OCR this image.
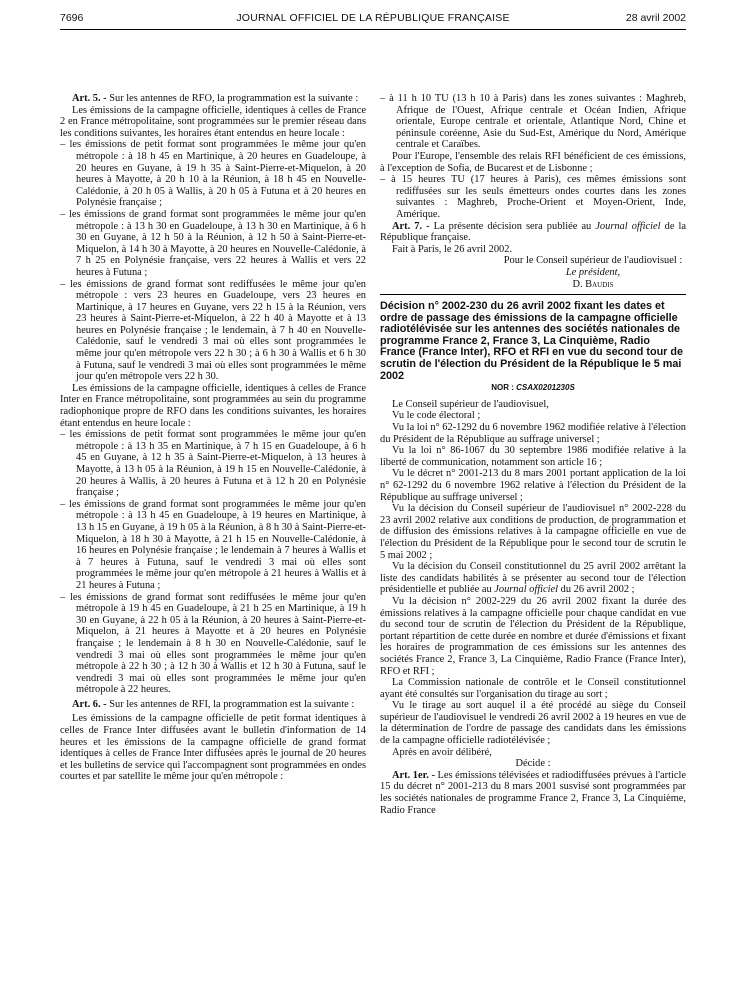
7696	JOURNAL OFFICIEL DE LA RÉPUBLIQUE FRANÇAISE	28 avril 2002

Art. 5. - Sur les antennes de RFO, la programmation est la suivante :

Les émissions de la campagne officielle, identiques à celles de France 2 en France métropolitaine, sont programmées sur le premier réseau dans les conditions suivantes, les horaires étant entendus en heure locale :

– les émissions de petit format sont programmées le même jour qu'en métropole : à 18 h 45 en Martinique, à 20 heures en Guadeloupe, à 20 heures en Guyane, à 19 h 35 à Saint-Pierre-et-Miquelon, à 20 heures à Mayotte, à 20 h 10 à la Réunion, à 18 h 45 en Nouvelle-Calédonie, à 20 h 05 à Wallis, à 20 h 05 à Futuna et à 20 heures en Polynésie française ;

– les émissions de grand format sont programmées le même jour qu'en métropole : à 13 h 30 en Guadeloupe, à 13 h 30 en Martinique, à 6 h 30 en Guyane, à 12 h 50 à la Réunion, à 12 h 50 à Saint-Pierre-et-Miquelon, à 14 h 30 à Mayotte, à 20 heures en Nouvelle-Calédonie, à 7 h 25 en Polynésie française, vers 22 heures à Wallis et vers 22 heures à Futuna ;

– les émissions de grand format sont rediffusées le même jour qu'en métropole : vers 23 heures en Guadeloupe, vers 23 heures en Martinique, à 17 heures en Guyane, vers 22 h 15 à la Réunion, vers 23 heures à Saint-Pierre-et-Miquelon, à 22 h 40 à Mayotte et à 13 heures en Polynésie française ; le lendemain, à 7 h 40 en Nouvelle-Calédonie, sauf le vendredi 3 mai où elles sont programmées le même jour qu'en métropole vers 22 h 30 ; à 6 h 30 à Wallis et 6 h 30 à Futuna, sauf le vendredi 3 mai où elles sont programmées le même jour qu'en métropole vers 22 h 30.

Les émissions de la campagne officielle, identiques à celles de France Inter en France métropolitaine, sont programmées au sein du programme radiophonique propre de RFO dans les conditions suivantes, les horaires étant entendus en heure locale :

– les émissions de petit format sont programmées le même jour qu'en métropole : à 13 h 35 en Martinique, à 7 h 15 en Guadeloupe, à 6 h 45 en Guyane, à 12 h 35 à Saint-Pierre-et-Miquelon, à 13 heures à Mayotte, à 13 h 05 à la Réunion, à 19 h 15 en Nouvelle-Calédonie, à 20 heures à Wallis, à 20 heures à Futuna et à 12 h 20 en Polynésie française ;

– les émissions de grand format sont programmées le même jour qu'en métropole : à 13 h 45 en Guadeloupe, à 19 heures en Martinique, à 13 h 15 en Guyane, à 19 h 05 à la Réunion, à 8 h 30 à Saint-Pierre-et-Miquelon, à 18 h 30 à Mayotte, à 21 h 15 en Nouvelle-Calédonie, à 16 heures en Polynésie française ; le lendemain à 7 heures à Wallis et à 7 heures à Futuna, sauf le vendredi 3 mai où elles sont programmées le même jour qu'en métropole à 21 heures à Wallis et à 21 heures à Futuna ;

– les émissions de grand format sont rediffusées le même jour qu'en métropole à 19 h 45 en Guadeloupe, à 21 h 25 en Martinique, à 19 h 30 en Guyane, à 22 h 05 à la Réunion, à 20 heures à Saint-Pierre-et-Miquelon, à 21 heures à Mayotte et à 20 heures en Polynésie française ; le lendemain à 8 h 30 en Nouvelle-Calédonie, sauf le vendredi 3 mai où elles sont programmées le même jour qu'en métropole à 22 h 30 ; à 12 h 30 à Wallis et 12 h 30 à Futuna, sauf le vendredi 3 mai où elles sont programmées le même jour qu'en métropole à 22 heures.

Art. 6. - Sur les antennes de RFI, la programmation est la suivante :

Les émissions de la campagne officielle de petit format identiques à celles de France Inter diffusées avant le bulletin d'information de 14 heures et les émissions de la campagne officielle de grand format identiques à celles de France Inter diffusées après le journal de 20 heures et les bulletins de service qui l'accompagnent sont programmées en ondes courtes et par satellite le même jour qu'en métropole :

– à 11 h 10 TU (13 h 10 à Paris) dans les zones suivantes : Maghreb, Afrique de l'Ouest, Afrique centrale et Océan Indien, Afrique orientale, Europe centrale et orientale, Atlantique Nord, Chine et péninsule coréenne, Asie du Sud-Est, Amérique du Nord, Amérique centrale et Caraïbes.

Pour l'Europe, l'ensemble des relais RFI bénéficient de ces émissions, à l'exception de Sofia, de Bucarest et de Lisbonne ;

– à 15 heures TU (17 heures à Paris), ces mêmes émissions sont rediffusées sur les seuls émetteurs ondes courtes dans les zones suivantes : Maghreb, Proche-Orient et Moyen-Orient, Inde, Amérique.

Art. 7. - La présente décision sera publiée au Journal officiel de la République française.

Fait à Paris, le 26 avril 2002.

Pour le Conseil supérieur de l'audiovisuel :

Le président,

D. Baudis

Décision n° 2002-230 du 26 avril 2002 fixant les dates et ordre de passage des émissions de la campagne officielle radiotélévisée sur les antennes des sociétés nationales de programme France 2, France 3, La Cinquième, Radio France (France Inter), RFO et RFI en vue du second tour de scrutin de l'élection du Président de la République le 5 mai 2002

NOR : CSAX0201230S

Le Conseil supérieur de l'audiovisuel,

Vu le code électoral ;

Vu la loi n° 62-1292 du 6 novembre 1962 modifiée relative à l'élection du Président de la République au suffrage universel ;

Vu la loi n° 86-1067 du 30 septembre 1986 modifiée relative à la liberté de communication, notamment son article 16 ;

Vu le décret n° 2001-213 du 8 mars 2001 portant application de la loi n° 62-1292 du 6 novembre 1962 relative à l'élection du Président de la République au suffrage universel ;

Vu la décision du Conseil supérieur de l'audiovisuel n° 2002-228 du 23 avril 2002 relative aux conditions de production, de programmation et de diffusion des émissions relatives à la campagne officielle en vue de l'élection du Président de la République pour le second tour de scrutin le 5 mai 2002 ;

Vu la décision du Conseil constitutionnel du 25 avril 2002 arrêtant la liste des candidats habilités à se présenter au second tour de l'élection présidentielle et publiée au Journal officiel du 26 avril 2002 ;

Vu la décision n° 2002-229 du 26 avril 2002 fixant la durée des émissions relatives à la campagne officielle pour chaque candidat en vue du second tour de scrutin de l'élection du Président de la République, portant répartition de cette durée en nombre et durée d'émissions et fixant les horaires de programmation de ces émissions sur les antennes des sociétés France 2, France 3, La Cinquième, Radio France (France Inter), RFO et RFI ;

La Commission nationale de contrôle et le Conseil constitutionnel ayant été consultés sur l'organisation du tirage au sort ;

Vu le tirage au sort auquel il a été procédé au siège du Conseil supérieur de l'audiovisuel le vendredi 26 avril 2002 à 19 heures en vue de la détermination de l'ordre de passage des candidats dans les émissions de la campagne officielle radiotélévisée ;

Après en avoir délibéré,

Décide :

Art. 1er. - Les émissions télévisées et radiodiffusées prévues à l'article 15 du décret n° 2001-213 du 8 mars 2001 susvisé sont programmées par les sociétés nationales de programme France 2, France 3, La Cinquième, Radio France
